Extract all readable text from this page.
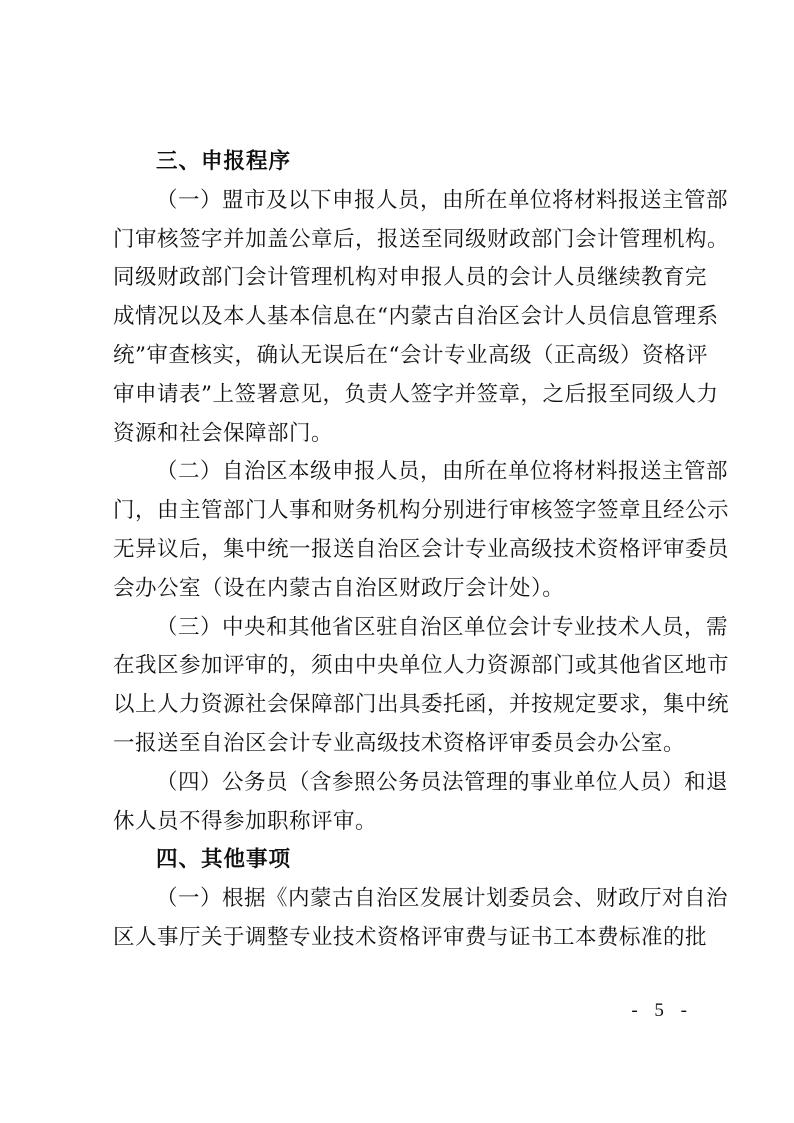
三、申报程序
（一）盟市及以下申报人员，由所在单位将材料报送主管部
门审核签字并加盖公章后，报送至同级财政部门会计管理机构。
同级财政部门会计管理机构对申报人员的会计人员继续教育完
成情况以及本人基本信息在“内蒙古自治区会计人员信息管理系
统”审查核实，确认无误后在“会计专业高级（正高级）资格评
审申请表”上签署意见，负责人签字并签章，之后报至同级人力
资源和社会保障部门。
（二）自治区本级申报人员，由所在单位将材料报送主管部
门，由主管部门人事和财务机构分别进行审核签字签章且经公示
无异议后，集中统一报送自治区会计专业高级技术资格评审委员
会办公室（设在内蒙古自治区财政厅会计处）。
（三）中央和其他省区驻自治区单位会计专业技术人员，需
在我区参加评审的，须由中央单位人力资源部门或其他省区地市
以上人力资源社会保障部门出具委托函，并按规定要求，集中统
一报送至自治区会计专业高级技术资格评审委员会办公室。
（四）公务员（含参照公务员法管理的事业单位人员）和退
休人员不得参加职称评审。
四、其他事项
（一）根据《内蒙古自治区发展计划委员会、财政厅对自治
区人事厅关于调整专业技术资格评审费与证书工本费标准的批
- 5 -
